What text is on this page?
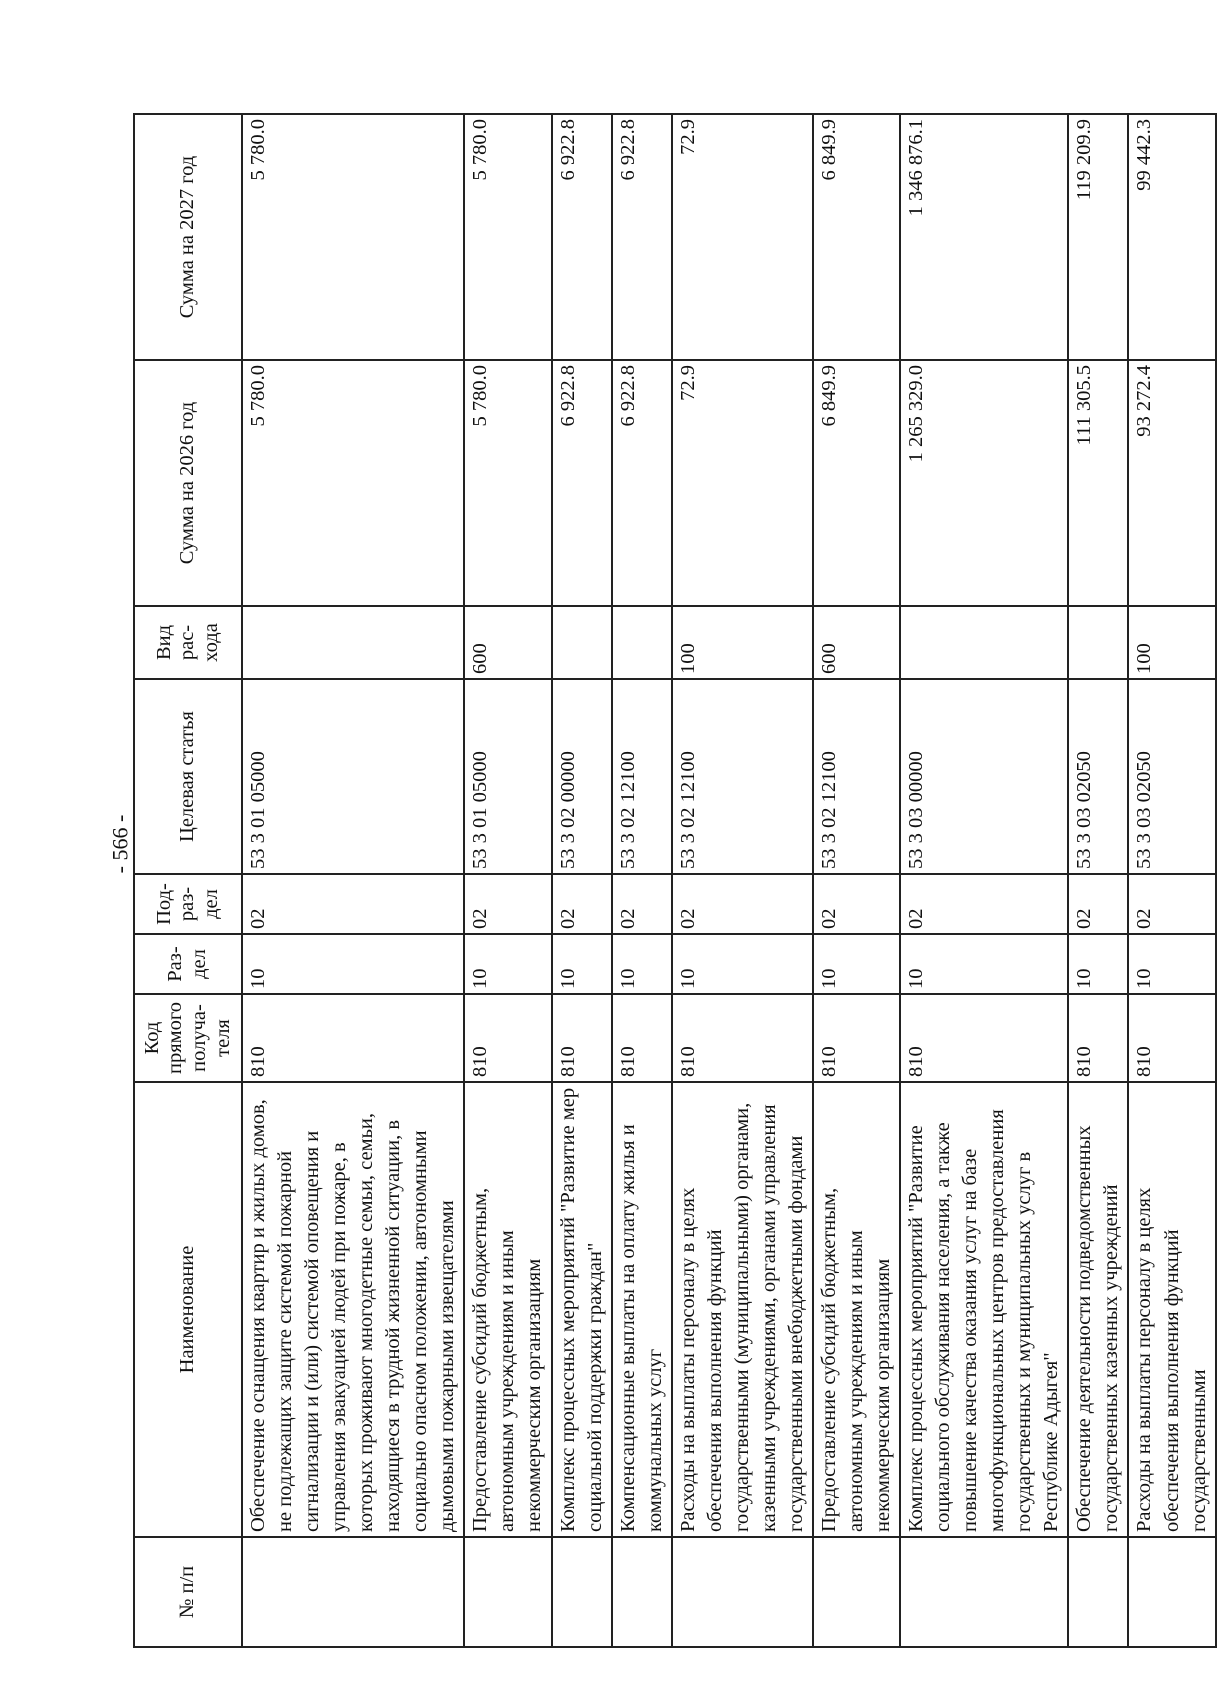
- 566 -
№ п/п	Наименование	Код прямого получа-теля	Раз-дел	Под-раз-дел	Целевая статья	Вид рас-хода	Сумма на 2026 год	Сумма на 2027 год
	Обеспечение оснащения квартир и жилых домов, не подлежащих защите системой пожарной сигнализации и (или) системой оповещения и управления эвакуацией людей при пожаре, в которых проживают многодетные семьи, семьи, находящиеся в трудной жизненной ситуации, в социально опасном положении, автономными дымовыми пожарными извещателями	810	10	02	53 3 01 05000		5 780.0	5 780.0
	Предоставление субсидий бюджетным, автономным учреждениям и иным некоммерческим организациям	810	10	02	53 3 01 05000	600	5 780.0	5 780.0
	Комплекс процессных мероприятий "Развитие мер социальной поддержки граждан"	810	10	02	53 3 02 00000		6 922.8	6 922.8
	Компенсационные выплаты на оплату жилья и коммунальных услуг	810	10	02	53 3 02 12100		6 922.8	6 922.8
	Расходы на выплаты персоналу в целях обеспечения выполнения функций государственными (муниципальными) органами, казенными учреждениями, органами управления государственными внебюджетными фондами	810	10	02	53 3 02 12100	100	72.9	72.9
	Предоставление субсидий бюджетным, автономным учреждениям и иным некоммерческим организациям	810	10	02	53 3 02 12100	600	6 849.9	6 849.9
	Комплекс процессных мероприятий "Развитие социального обслуживания населения, а также повышение качества оказания услуг на базе многофункциональных центров предоставления государственных и муниципальных услуг в Республике Адыгея"	810	10	02	53 3 03 00000		1 265 329.0	1 346 876.1
	Обеспечение деятельности подведомственных государственных казенных учреждений	810	10	02	53 3 03 02050		111 305.5	119 209.9
	Расходы на выплаты персоналу в целях обеспечения выполнения функций государственными	810	10	02	53 3 03 02050	100	93 272.4	99 442.3
